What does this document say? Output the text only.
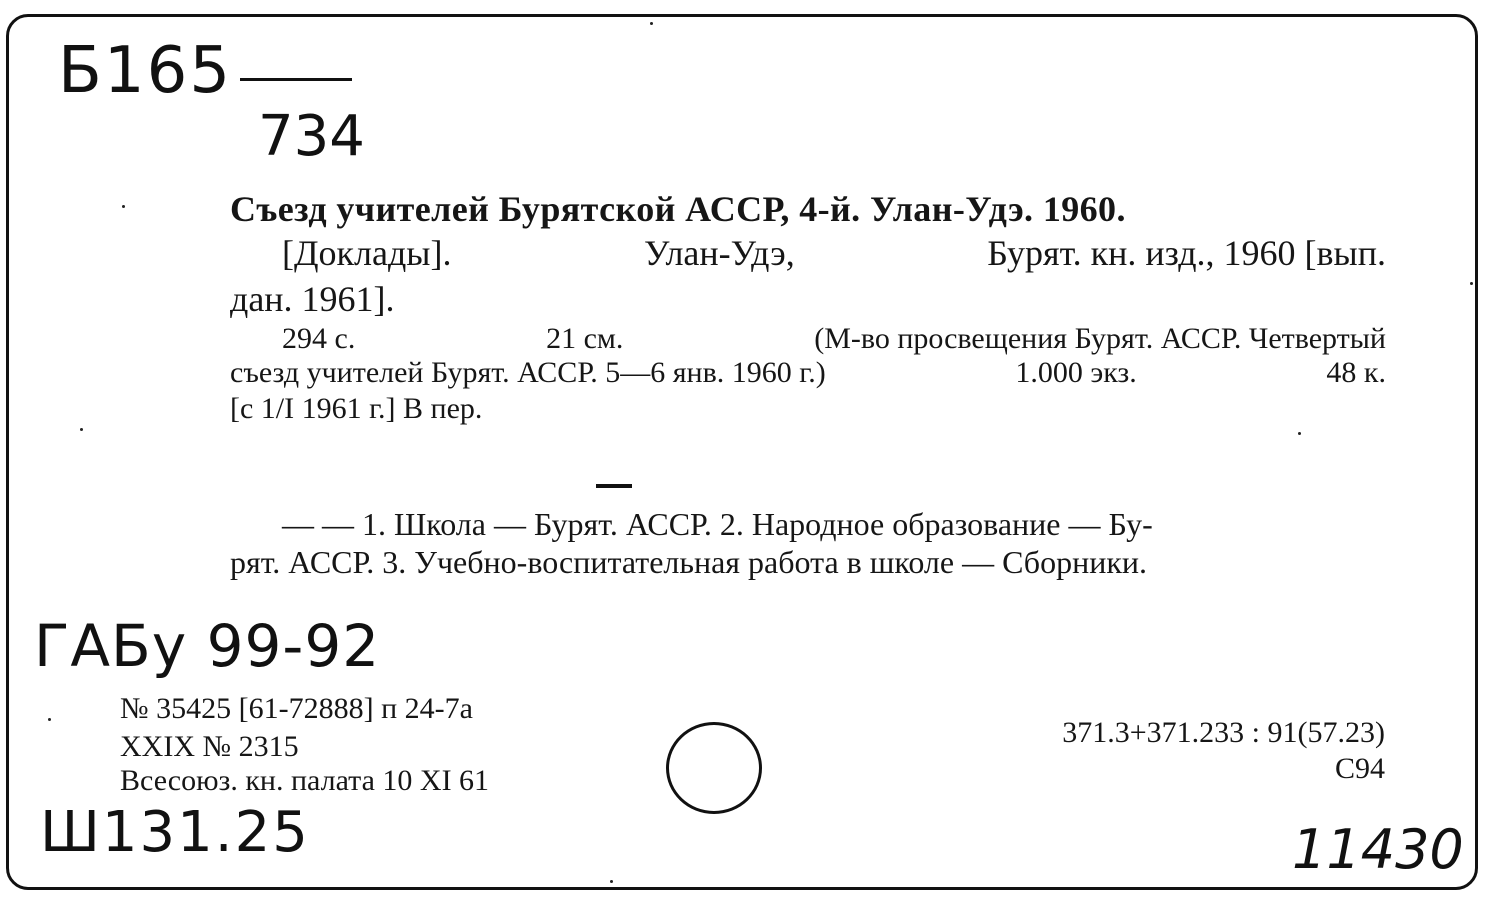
Б165
734
ГАБу 99-92
Ш131.25	11430
Съезд учителей Бурятской АССР, 4-й. Улан-Удэ. 1960.
[Доклады].	Улан-Удэ,	Бурят. кн. изд., 1960 [вып.
дан. 1961].
294 с.	21 см.	(М-во просвещения Бурят. АССР. Четвертый
съезд учителей Бурят. АССР. 5—6 янв. 1960 г.)	1.000 экз.	48 к.
[с 1/I 1961 г.] В пер.
— — 1. Школа — Бурят. АССР. 2. Народное образование — Бу-
рят. АССР. 3. Учебно-воспитательная работа в школе — Сборники.
№ 35425 [61-72888] п 24-7а
XXIX № 2315
Всесоюз. кн. палата 10 XI 61
371.3+371.233 : 91(57.23)
С94
